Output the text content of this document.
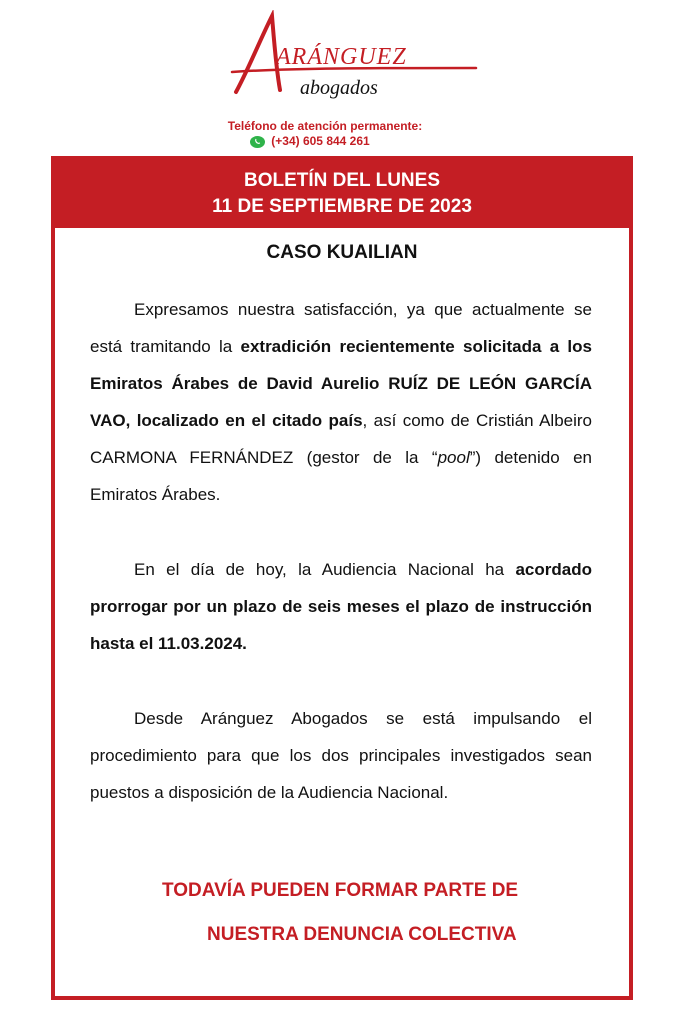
ARÁNGUEZ
abogados
Teléfono de atención permanente:
(+34) 605 844 261
BOLETÍN DEL LUNES
11 DE SEPTIEMBRE DE 2023
CASO KUAILIAN
Expresamos nuestra satisfacción, ya que actualmente se está tramitando la extradición recientemente solicitada a los Emiratos Árabes de David Aurelio RUÍZ DE LEÓN GARCÍA VAO, localizado en el citado país, así como de Cristián Albeiro CARMONA FERNÁNDEZ (gestor de la “pool”) detenido en Emiratos Árabes.
En el día de hoy, la Audiencia Nacional ha acordado prorrogar por un plazo de seis meses el plazo de instrucción hasta el 11.03.2024.
Desde Aránguez Abogados se está impulsando el procedimiento para que los dos principales investigados sean puestos a disposición de la Audiencia Nacional.
TODAVÍA PUEDEN FORMAR PARTE DE
NUESTRA DENUNCIA COLECTIVA
